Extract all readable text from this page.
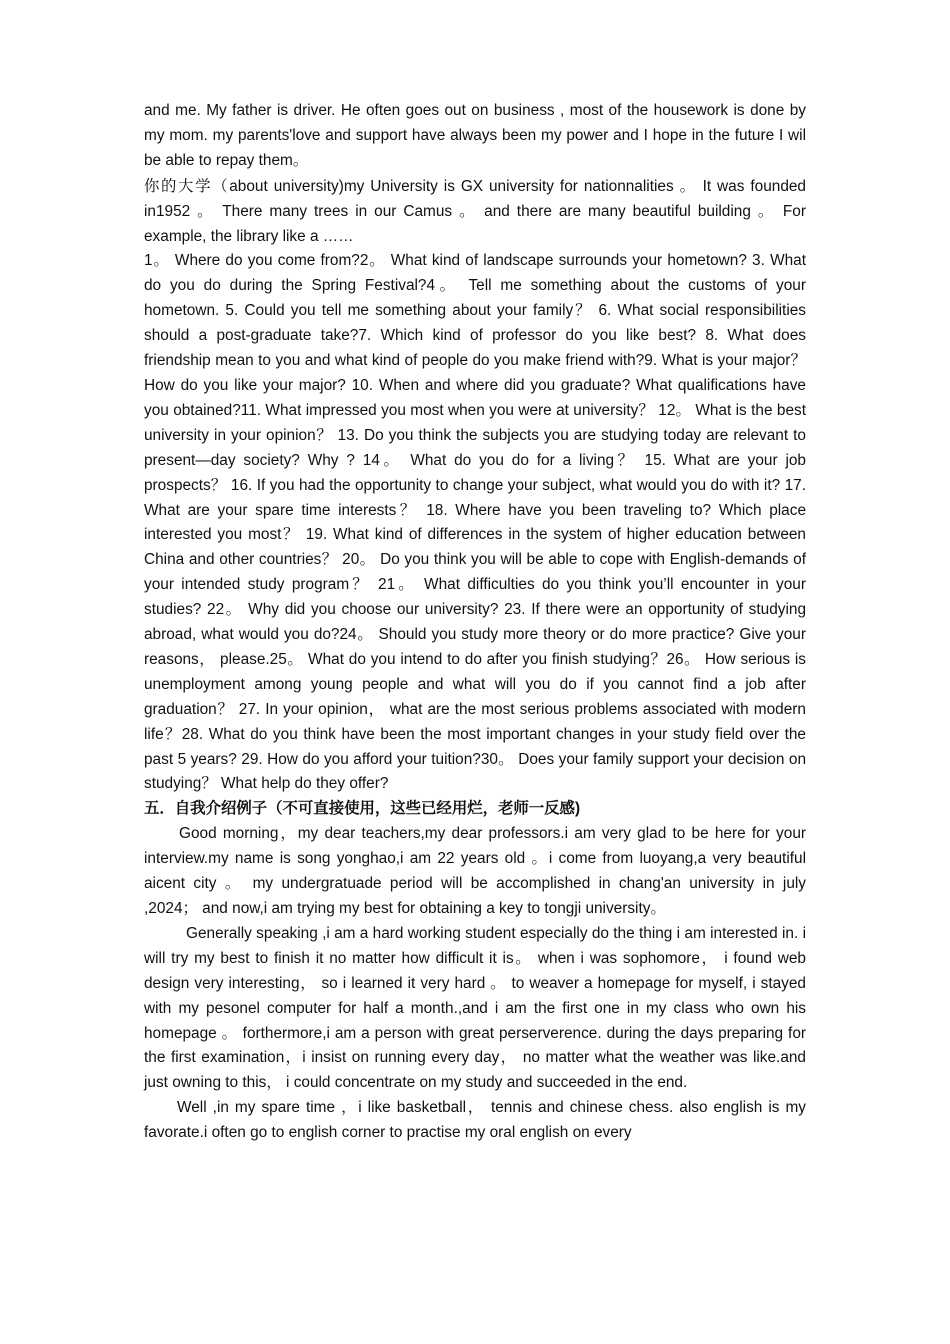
and me. My father is driver. He often goes out on business , most of the housework is done by my mom. my parents'love and support have always been my power and I hope in the future I wil be able to repay them。

你的大学（about university)my University is GX university for nationnalities 。 It was founded in1952 。 There many trees in our Camus 。 and there are many beautiful building 。 For example, the library like a ……

1。 Where do you come from?2。 What kind of landscape surrounds your hometown? 3. What do you do during the Spring Festival?4。 Tell me something about the customs of your hometown. 5. Could you tell me something about your family？ 6. What social responsibilities should a post-graduate take?7. Which kind of professor do you like best? 8. What does friendship mean to you and what kind of people do you make friend with?9. What is your major？ How do you like your major? 10. When and where did you graduate? What qualifications have you obtained?11. What impressed you most when you were at university？ 12。 What is the best university in your opinion？ 13. Do you think the subjects you are studying today are relevant to present—day society? Why ? 14。 What do you do for a living？ 15. What are your job prospects？ 16. If you had the opportunity to change your subject, what would you do with it? 17. What are your spare time interests？ 18. Where have you been traveling to? Which place interested you most？ 19. What kind of differences in the system of higher education between China and other countries？ 20。 Do you think you will be able to cope with English-demands of your intended study program？ 21。 What difficulties do you think you’ll encounter in your studies? 22。 Why did you choose our university? 23. If there were an opportunity of studying abroad, what would you do?24。 Should you study more theory or do more practice? Give your reasons， please.25。 What do you intend to do after you finish studying？26。 How serious is unemployment among young people and what will you do if you cannot find a job after graduation？ 27. In your opinion， what are the most serious problems associated with modern life？28. What do you think have been the most important changes in your study field over the past 5 years? 29. How do you afford your tuition?30。 Does your family support your decision on studying？ What help do they offer?

五．自我介绍例子（不可直接使用，这些已经用烂，老师一反感)

Good morning，my dear teachers,my dear professors.i am very glad to be here for your interview.my name is song yonghao,i am 22 years old 。i come from luoyang,a very beautiful aicent city 。 my undergratuade period will be accomplished in chang'an university in july ,2024； and now,i am trying my best for obtaining a key to tongji university。

Generally speaking ,i am a hard working student especially do the thing i am interested in. i will try my best to finish it no matter how difficult it is。 when i was sophomore， i found web design very interesting， so i learned it very hard 。 to weaver a homepage for myself, i stayed with my pesonel computer for half a month.,and i am the first one in my class who own his homepage 。 forthermore,i am a person with great perserverence. during the days preparing for the first examination，i insist on running every day， no matter what the weather was like.and just owning to this， i could concentrate on my study and succeeded in the end.

Well ,in my spare time ，i like basketball， tennis and chinese chess. also english is my favorate.i often go to english corner to practise my oral english on every
